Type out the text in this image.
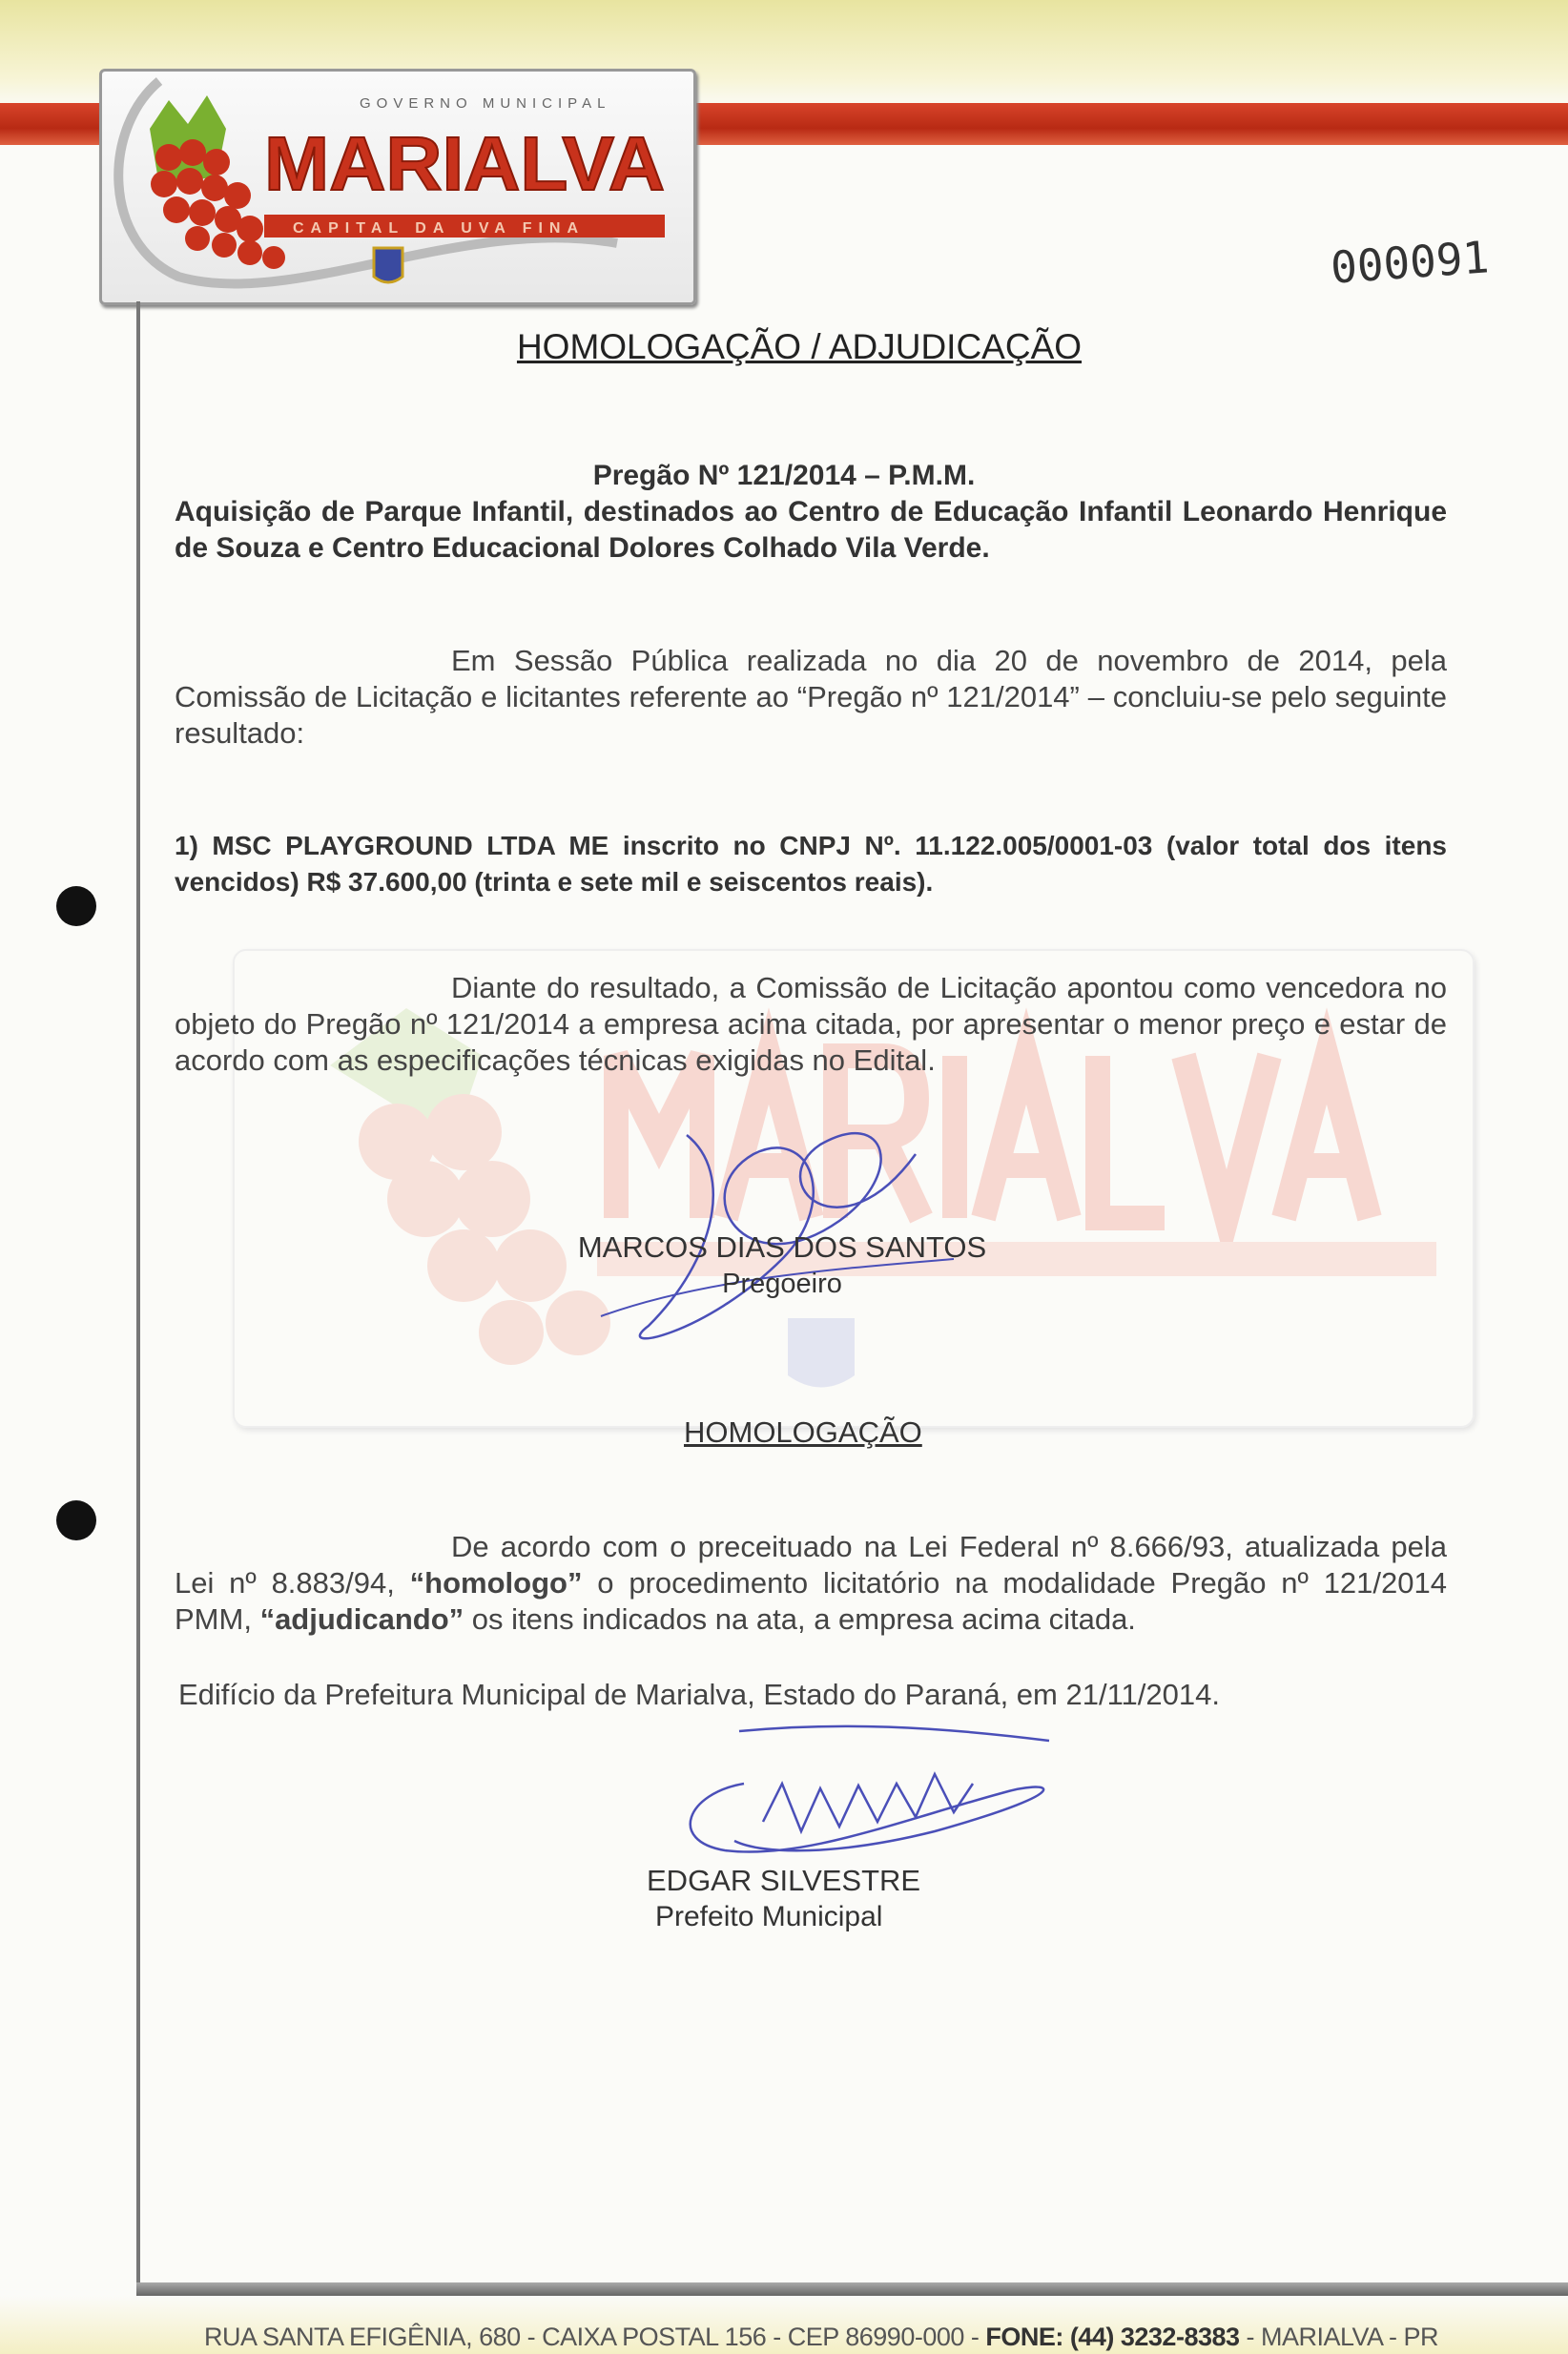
GOVERNO MUNICIPAL
MARIALVA
CAPITAL DA UVA FINA
000091
HOMOLOGAÇÃO / ADJUDICAÇÃO
Pregão Nº 121/2014 – P.M.M.
Aquisição de Parque Infantil, destinados ao Centro de Educação Infantil Leonardo Henrique de Souza e Centro Educacional Dolores Colhado Vila Verde.
Em Sessão Pública realizada no dia 20 de novembro de 2014, pela Comissão de Licitação e licitantes referente ao “Pregão nº 121/2014” – concluiu-se pelo seguinte resultado:
1) MSC PLAYGROUND LTDA ME inscrito no CNPJ Nº. 11.122.005/0001-03 (valor total dos itens vencidos) R$ 37.600,00 (trinta e sete mil e seiscentos reais).
Diante do resultado, a Comissão de Licitação apontou como vencedora no objeto do Pregão nº 121/2014 a empresa acima citada, por apresentar o menor preço e estar de acordo com as especificações técnicas exigidas no Edital.
MARCOS DIAS DOS SANTOS
Pregoeiro
HOMOLOGAÇÃO
De acordo com o preceituado na Lei Federal nº 8.666/93, atualizada pela Lei nº 8.883/94, “homologo” o procedimento licitatório na modalidade Pregão nº 121/2014 PMM, “adjudicando” os itens indicados na ata, a empresa acima citada.
Edifício da Prefeitura Municipal de Marialva, Estado do Paraná, em 21/11/2014.
EDGAR SILVESTRE
Prefeito Municipal
RUA SANTA EFIGÊNIA, 680 - CAIXA POSTAL 156 - CEP 86990-000 - FONE: (44) 3232-8383 - MARIALVA - PR
